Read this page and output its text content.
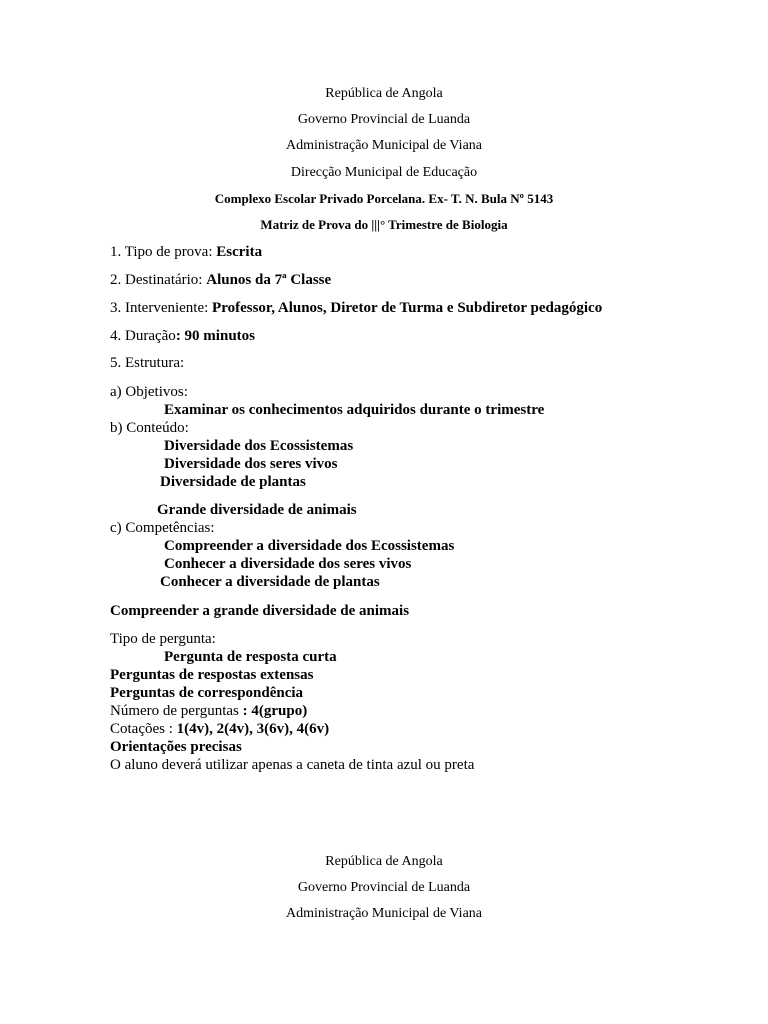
República de Angola
Governo Provincial de Luanda
Administração Municipal de Viana
Direcção Municipal de Educação
Complexo Escolar Privado Porcelana. Ex- T. N. Bula Nº 5143
Matriz de Prova do |||° Trimestre de Biologia
1. Tipo de prova: Escrita
2. Destinatário: Alunos da 7ª Classe
3. Interveniente: Professor, Alunos, Diretor de Turma e Subdiretor pedagógico
4. Duração: 90 minutos
5. Estrutura:
a) Objetivos:
Examinar os conhecimentos adquiridos durante o trimestre
b) Conteúdo:
Diversidade dos Ecossistemas
Diversidade dos seres vivos
Diversidade de plantas
Grande diversidade de animais
c) Competências:
Compreender a diversidade dos Ecossistemas
Conhecer a diversidade dos seres vivos
Conhecer a diversidade de plantas
Compreender a grande diversidade de animais
Tipo de pergunta:
Pergunta de resposta curta
Perguntas de respostas extensas
Perguntas de correspondência
Número de perguntas : 4(grupo)
Cotações : 1(4v), 2(4v), 3(6v), 4(6v)
Orientações precisas
O aluno deverá utilizar apenas a caneta de tinta azul ou preta
República de Angola
Governo Provincial de Luanda
Administração Municipal de Viana
